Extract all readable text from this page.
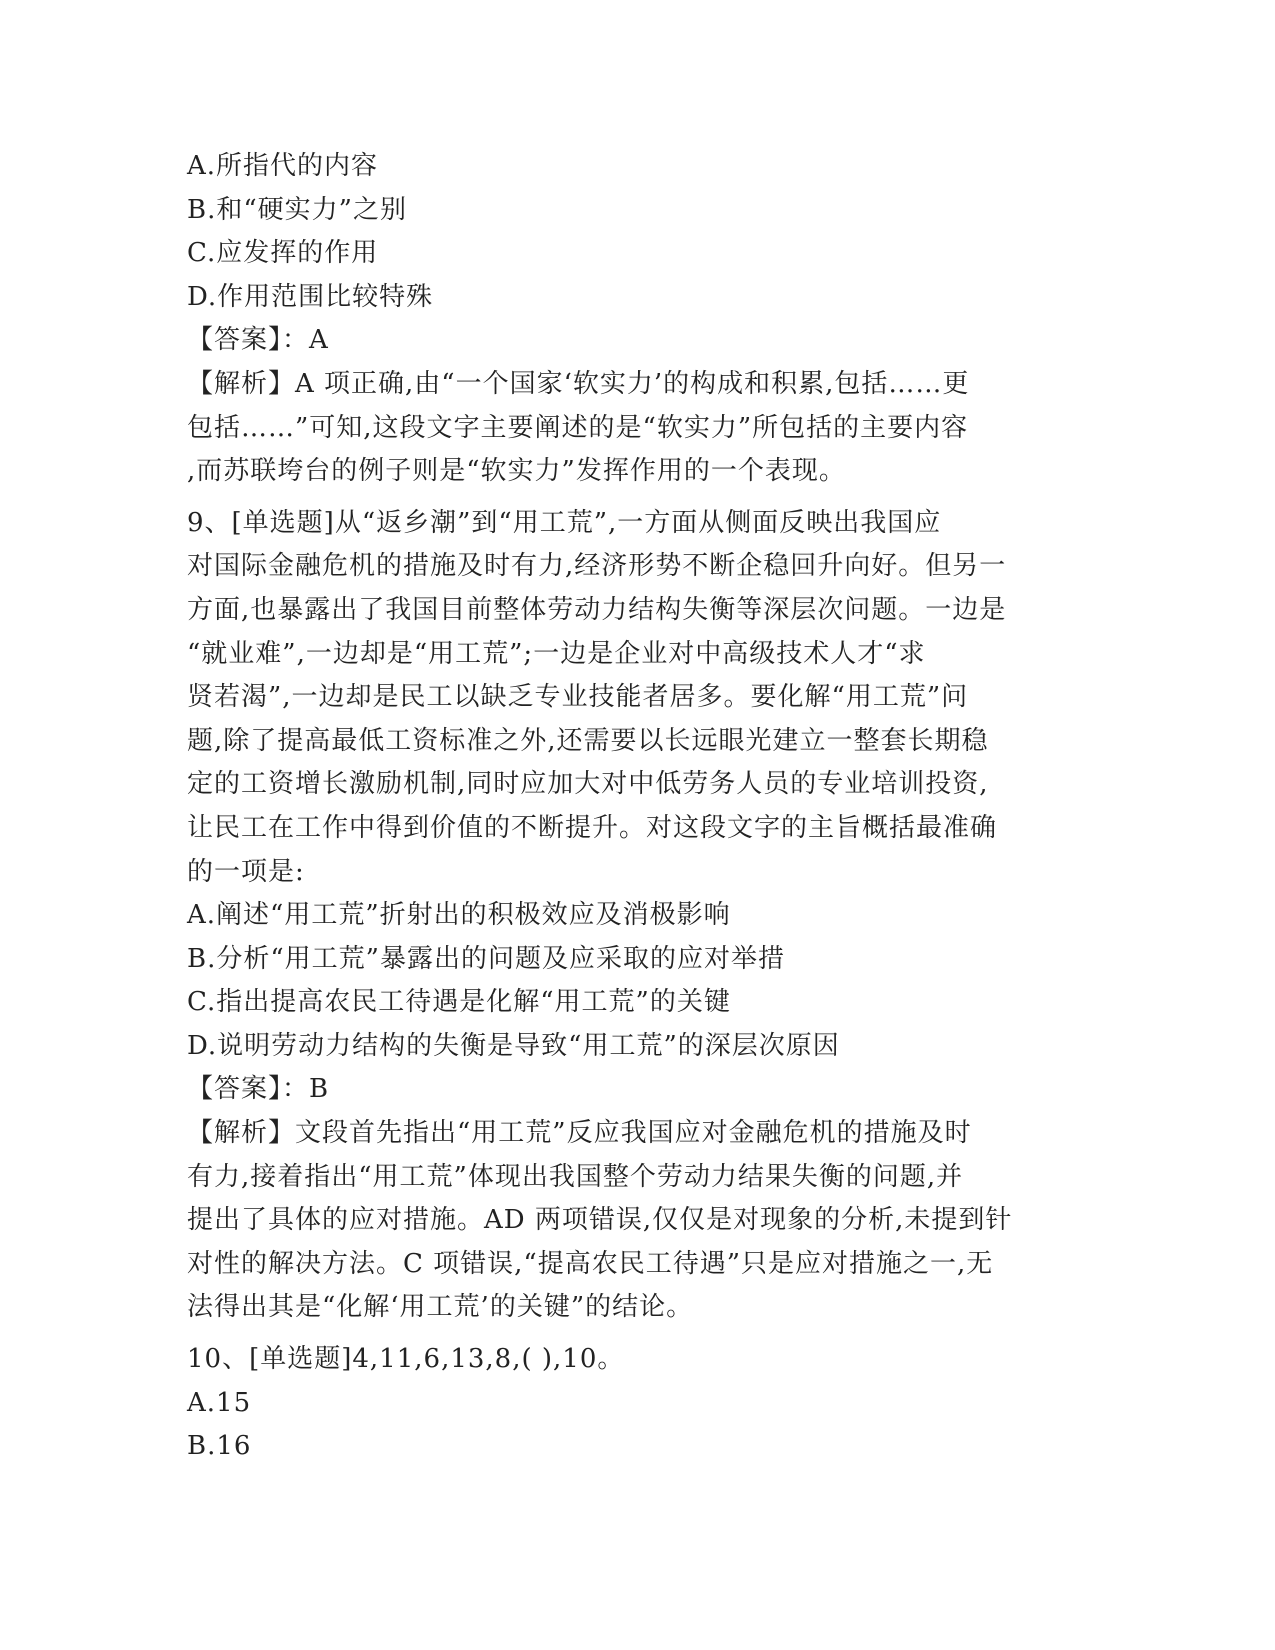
A.所指代的内容
B.和“硬实力”之别
C.应发挥的作用
D.作用范围比较特殊
【答案】：A
【解析】A 项正确,由“一个国家‘软实力’的构成和积累,包括……更
包括……”可知,这段文字主要阐述的是“软实力”所包括的主要内容
,而苏联垮台的例子则是“软实力”发挥作用的一个表现。
9、[单选题]从“返乡潮”到“用工荒”,一方面从侧面反映出我国应
对国际金融危机的措施及时有力,经济形势不断企稳回升向好。但另一
方面,也暴露出了我国目前整体劳动力结构失衡等深层次问题。一边是
“就业难”,一边却是“用工荒”;一边是企业对中高级技术人才“求
贤若渴”,一边却是民工以缺乏专业技能者居多。要化解“用工荒”问
题,除了提高最低工资标准之外,还需要以长远眼光建立一整套长期稳
定的工资增长激励机制,同时应加大对中低劳务人员的专业培训投资,
让民工在工作中得到价值的不断提升。对这段文字的主旨概括最准确
的一项是:
A.阐述“用工荒”折射出的积极效应及消极影响
B.分析“用工荒”暴露出的问题及应采取的应对举措
C.指出提高农民工待遇是化解“用工荒”的关键
D.说明劳动力结构的失衡是导致“用工荒”的深层次原因
【答案】：B
【解析】文段首先指出“用工荒”反应我国应对金融危机的措施及时
有力,接着指出“用工荒”体现出我国整个劳动力结果失衡的问题,并
提出了具体的应对措施。AD 两项错误,仅仅是对现象的分析,未提到针
对性的解决方法。C 项错误,“提高农民工待遇”只是应对措施之一,无
法得出其是“化解‘用工荒’的关键”的结论。
10、[单选题]4,11,6,13,8,( ),10。
A.15
B.16
